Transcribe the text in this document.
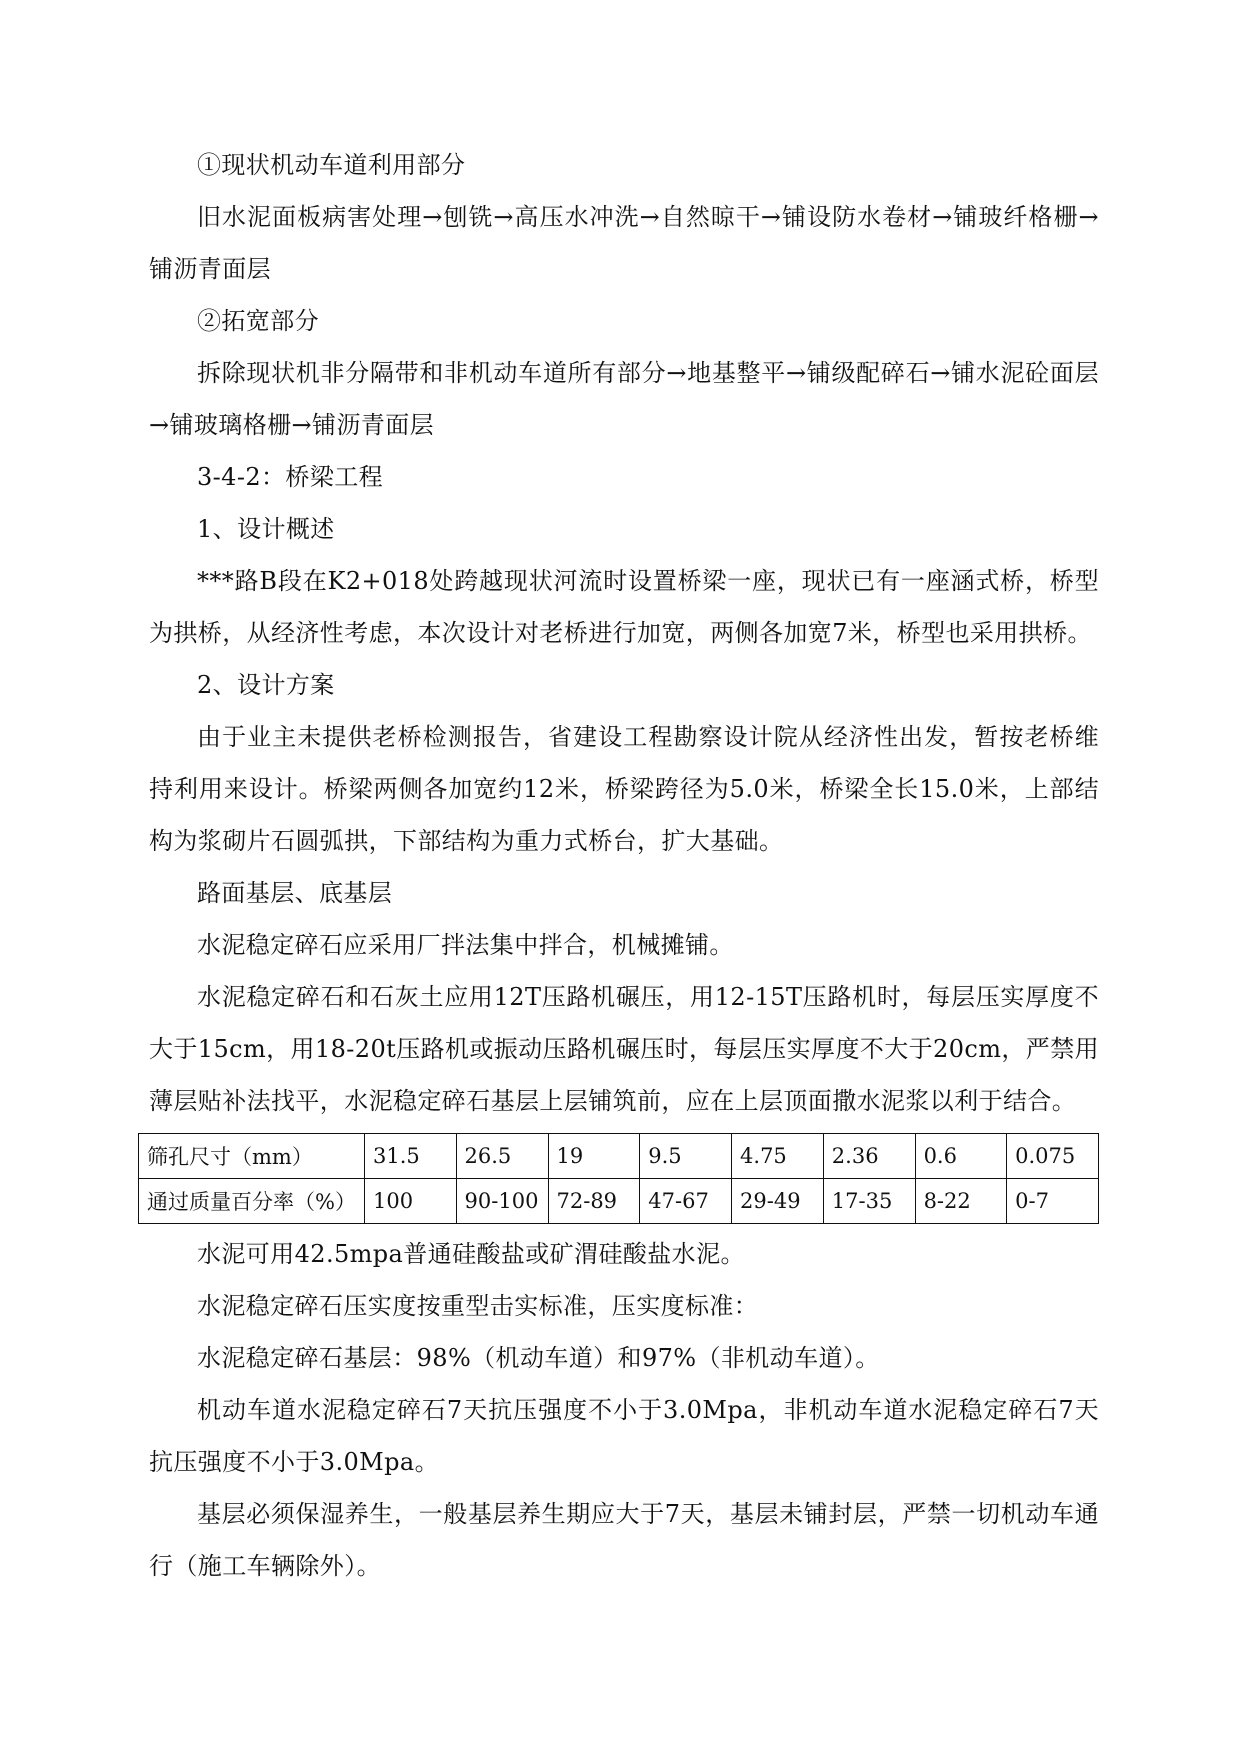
①现状机动车道利用部分

旧水泥面板病害处理→刨铣→高压水冲洗→自然晾干→铺设防水卷材→铺玻纤格栅→铺沥青面层

②拓宽部分

拆除现状机非分隔带和非机动车道所有部分→地基整平→铺级配碎石→铺水泥砼面层→铺玻璃格栅→铺沥青面层

3-4-2：桥梁工程

1、设计概述

***路B段在K2+018处跨越现状河流时设置桥梁一座，现状已有一座涵式桥，桥型为拱桥，从经济性考虑，本次设计对老桥进行加宽，两侧各加宽7米，桥型也采用拱桥。

2、设计方案

由于业主未提供老桥检测报告，省建设工程勘察设计院从经济性出发，暂按老桥维持利用来设计。桥梁两侧各加宽约12米，桥梁跨径为5.0米，桥梁全长15.0米，上部结构为浆砌片石圆弧拱，下部结构为重力式桥台，扩大基础。

路面基层、底基层

水泥稳定碎石应采用厂拌法集中拌合，机械摊铺。

水泥稳定碎石和石灰土应用12T压路机碾压，用12-15T压路机时，每层压实厚度不大于15cm，用18-20t压路机或振动压路机碾压时，每层压实厚度不大于20cm，严禁用薄层贴补法找平，水泥稳定碎石基层上层铺筑前，应在上层顶面撒水泥浆以利于结合。

筛孔尺寸（mm）	31.5	26.5	19	9.5	4.75	2.36	0.6	0.075
通过质量百分率（%）	100	90-100	72-89	47-67	29-49	17-35	8-22	0-7

水泥可用42.5mpa普通硅酸盐或矿渭硅酸盐水泥。

水泥稳定碎石压实度按重型击实标准，压实度标准：

水泥稳定碎石基层：98%（机动车道）和97%（非机动车道）。

机动车道水泥稳定碎石7天抗压强度不小于3.0Mpa，非机动车道水泥稳定碎石7天抗压强度不小于3.0Mpa。

基层必须保湿养生，一般基层养生期应大于7天，基层未铺封层，严禁一切机动车通行（施工车辆除外）。
